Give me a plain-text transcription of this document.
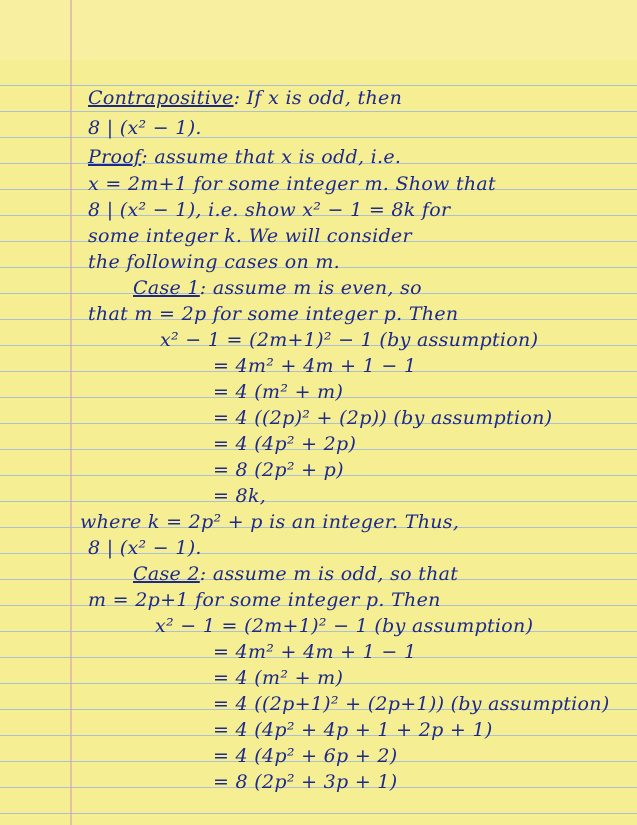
Contrapositive: If x is odd, then
8 | (x² − 1).
Proof: assume that x is odd, i.e.
x = 2m+1 for some integer m. Show that
8 | (x² − 1), i.e. show x² − 1 = 8k for
some integer k. We will consider
the following cases on m.
Case 1: assume m is even, so
that m = 2p for some integer p. Then
x² − 1 = (2m+1)² − 1 (by assumption)
= 4m² + 4m + 1 − 1
= 4 (m² + m)
= 4 ((2p)² + (2p)) (by assumption)
= 4 (4p² + 2p)
= 8 (2p² + p)
= 8k,
where k = 2p² + p is an integer. Thus,
8 | (x² − 1).
Case 2: assume m is odd, so that
m = 2p+1 for some integer p. Then
x² − 1 = (2m+1)² − 1 (by assumption)
= 4m² + 4m + 1 − 1
= 4 (m² + m)
= 4 ((2p+1)² + (2p+1)) (by assumption)
= 4 (4p² + 4p + 1 + 2p + 1)
= 4 (4p² + 6p + 2)
= 8 (2p² + 3p + 1)
